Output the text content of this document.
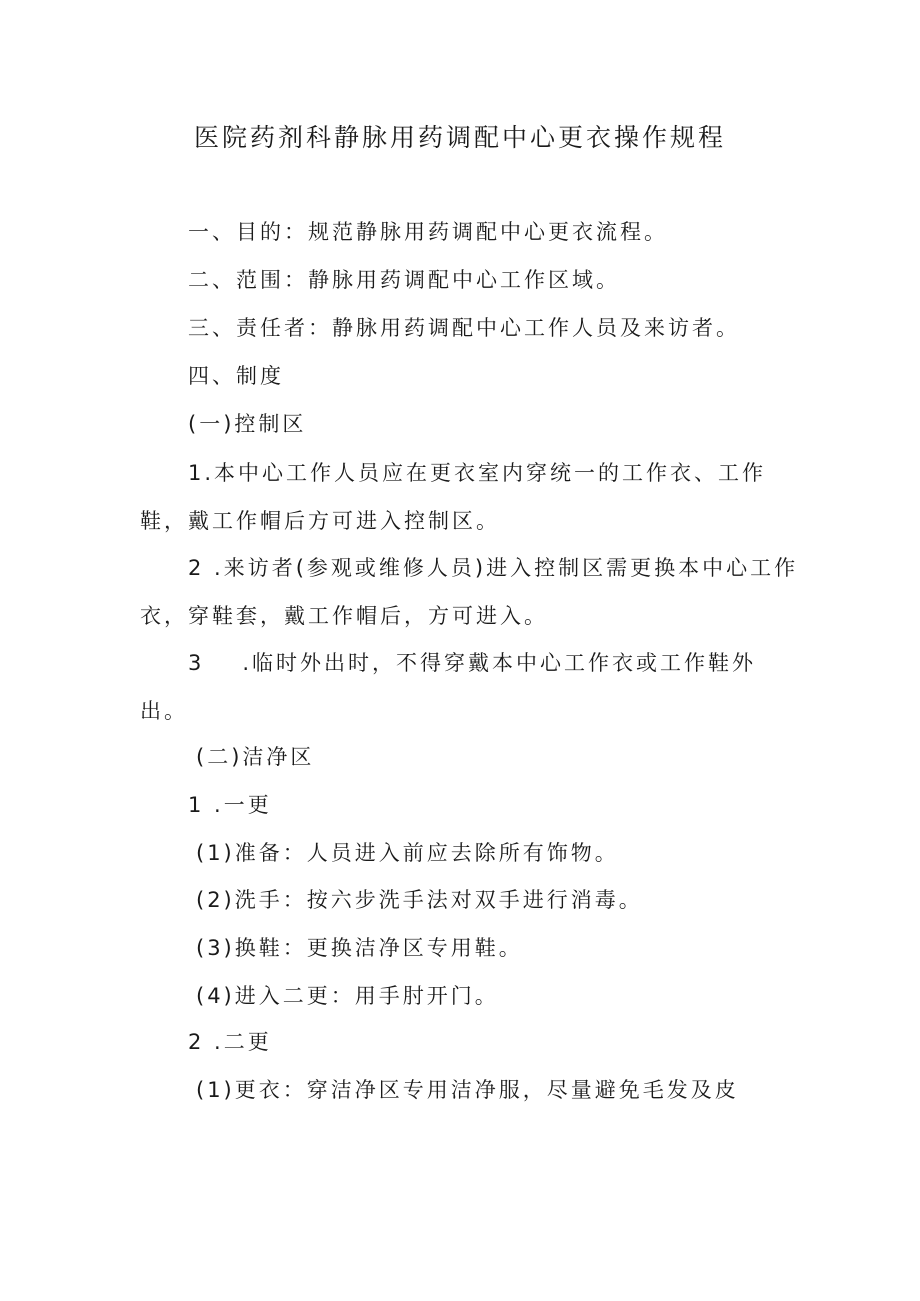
医院药剂科静脉用药调配中心更衣操作规程
一、目的：规范静脉用药调配中心更衣流程。
二、范围：静脉用药调配中心工作区域。
三、责任者：静脉用药调配中心工作人员及来访者。
四、制度
(一)控制区
1.本中心工作人员应在更衣室内穿统一的工作衣、工作
鞋，戴工作帽后方可进入控制区。
2 .来访者(参观或维修人员)进入控制区需更换本中心工作
衣，穿鞋套，戴工作帽后，方可进入。
3 .临时外出时，不得穿戴本中心工作衣或工作鞋外
出。
(二)洁净区
1 .一更
(1)准备：人员进入前应去除所有饰物。
(2)洗手：按六步洗手法对双手进行消毒。
(3)换鞋：更换洁净区专用鞋。
(4)进入二更：用手肘开门。
2 .二更
(1)更衣：穿洁净区专用洁净服，尽量避免毛发及皮
